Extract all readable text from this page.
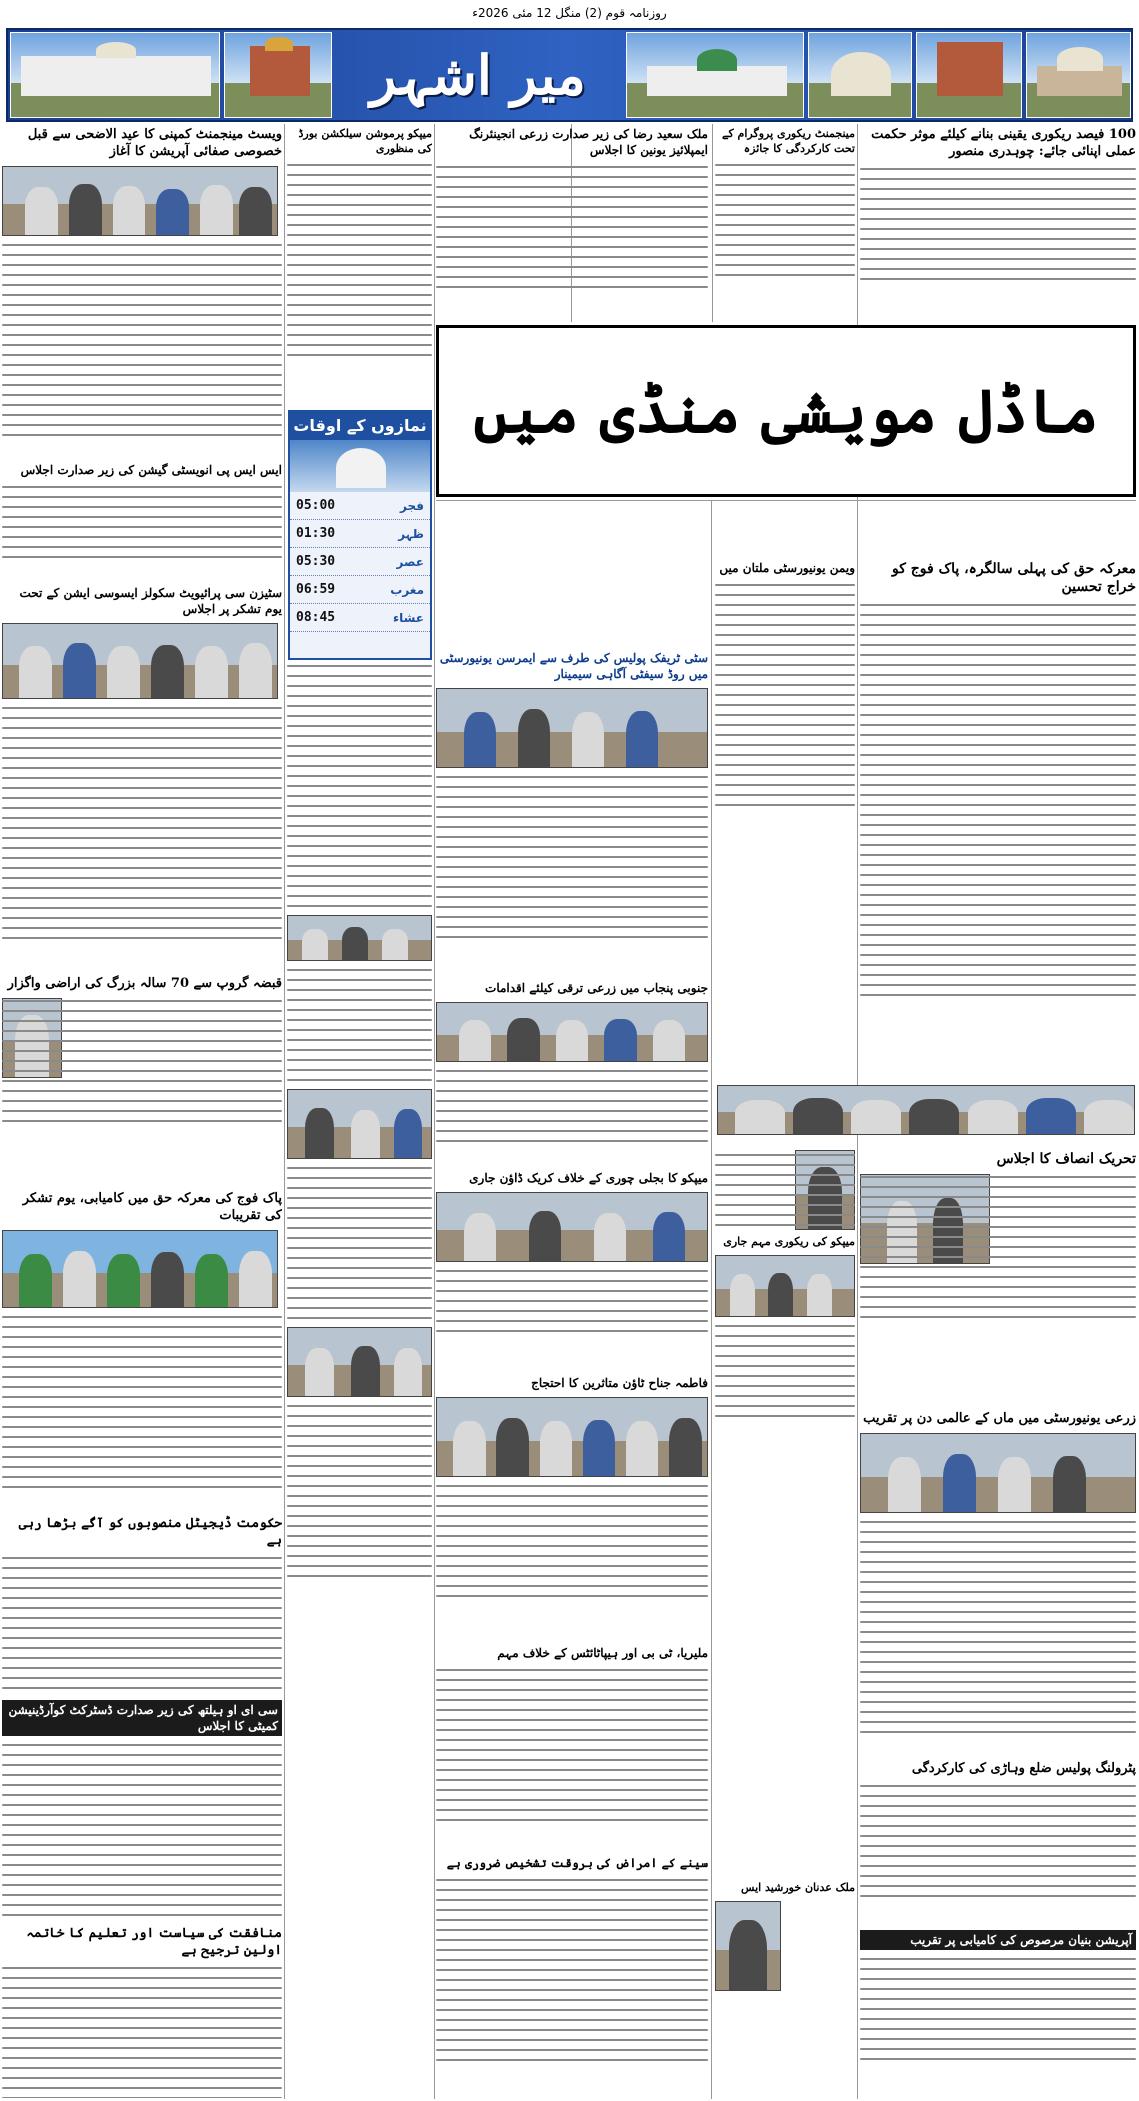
روزنامہ قوم (2) منگل 12 مئی 2026ء
میر اشہر
100 فیصد ریکوری یقینی بنانے کیلئے موثر حکمت عملی اپنائی جائے: چوہدری منصور
مینجمنٹ ریکوری پروگرام کے تحت کارکردگی کا جائزہ
ملک سعید رضا کی زیر صدارت زرعی انجینئرنگ ایمپلائیز یونین کا اجلاس
میپکو پرموشن سیلکشن بورڈ کی منظوری
ویسٹ مینجمنٹ کمپنی کا عید الاضحی سے قبل خصوصی صفائی آپریشن کا آغاز
ماڈل مویشی منڈی میں
نمازوں کے اوقات
05:00	فجر
01:30	ظہر
05:30	عصر
06:59	مغرب
08:45	عشاء
معرکہ حق کی پہلی سالگرہ، پاک فوج کو خراج تحسین
تحریک انصاف کا اجلاس
زرعی یونیورسٹی میں ماں کے عالمی دن پر تقریب
پٹرولنگ پولیس ضلع وہاڑی کی کارکردگی
آپریشن بنیان مرصوص کی کامیابی پر تقریب
ویمن یونیورسٹی ملتان میں
میپکو کی ریکوری مہم جاری
ملک عدنان خورشید ایس
سٹی ٹریفک پولیس کی طرف سے ایمرسن یونیورسٹی میں روڈ سیفٹی آگاہی سیمینار
جنوبی پنجاب میں زرعی ترقی کیلئے اقدامات
میپکو کا بجلی چوری کے خلاف کریک ڈاؤن جاری
فاطمہ جناح ٹاؤن متاثرین کا احتجاج
ملیریا، ٹی بی اور ہیپاٹائٹس کے خلاف مہم
سینے کے امراض کی بروقت تشخیص ضروری ہے
ایس ایس پی انویسٹی گیشن کی زیر صدارت اجلاس
سٹیزن سی پرائیویٹ سکولز ایسوسی ایشن کے تحت یوم تشکر پر اجلاس
قبضہ گروپ سے 70 سالہ بزرگ کی اراضی واگزار
پاک فوج کی معرکہ حق میں کامیابی، یوم تشکر کی تقریبات
حکومت ڈیجیٹل منصوبوں کو آگے بڑھا رہی ہے
سی ای او ہیلتھ کی زیر صدارت ڈسٹرکٹ کوآرڈینیشن کمیٹی کا اجلاس
منافقت کی سیاست اور تعلیم کا خاتمہ اولین ترجیح ہے
